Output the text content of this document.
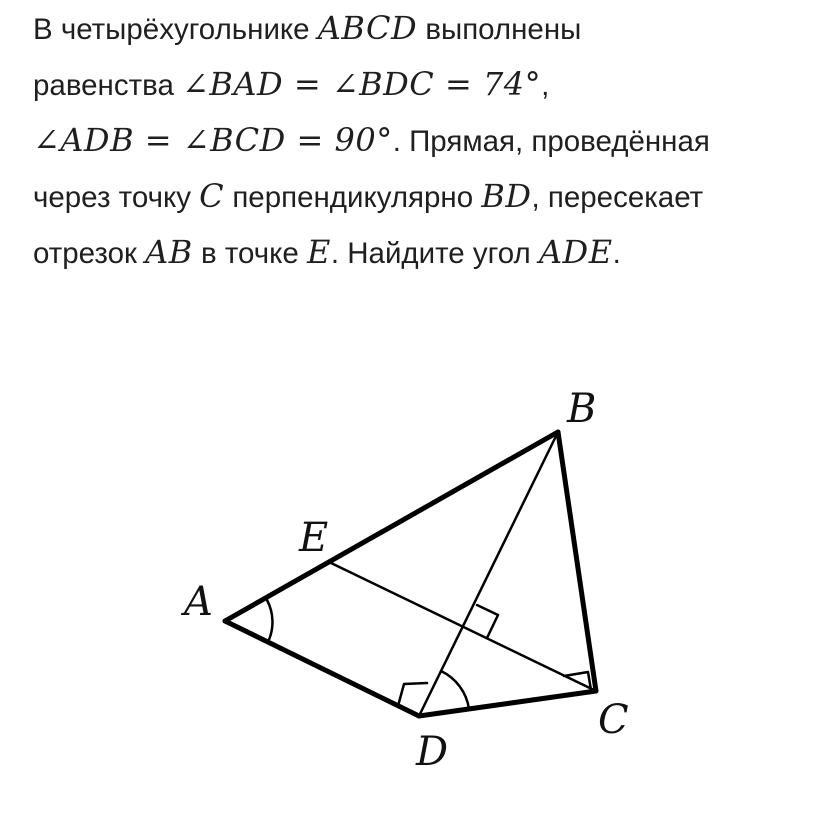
В четырёхугольнике ABCD выполнены
равенства ∠BAD = ∠BDC = 74°,
∠ADB = ∠BCD = 90°. Прямая, проведённая
через точку C перпендикулярно BD, пересекает
отрезок AB в точке E. Найдите угол ADE.
B
E
A
C
D
